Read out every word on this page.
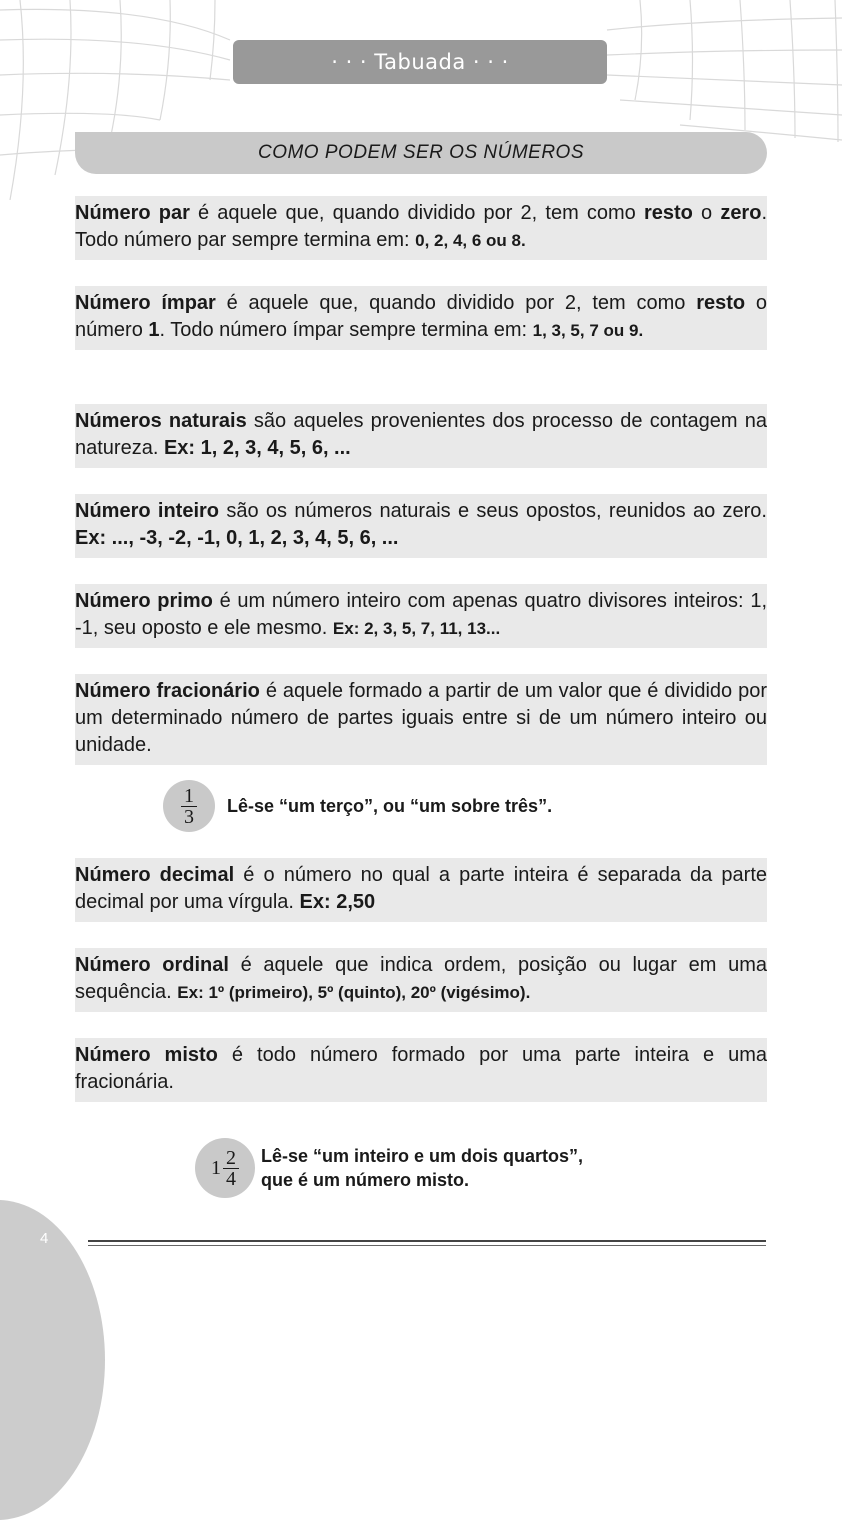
· · · Tabuada · · ·
COMO PODEM SER OS NÚMEROS
Número par é aquele que, quando dividido por 2, tem como resto o zero. Todo número par sempre termina em: 0, 2, 4, 6 ou 8.
Número ímpar é aquele que, quando dividido por 2, tem como resto o número 1. Todo número ímpar sempre termina em: 1, 3, 5, 7 ou 9.
Números naturais são aqueles provenientes dos processo de contagem na natureza. Ex: 1, 2, 3, 4, 5, 6, ...
Número inteiro são os números naturais e seus opostos, reunidos ao zero. Ex: ..., -3, -2, -1, 0, 1, 2, 3, 4, 5, 6, ...
Número primo é um número inteiro com apenas quatro divisores inteiros: 1, -1, seu oposto e ele mesmo. Ex: 2, 3, 5, 7, 11, 13...
Número fracionário é aquele formado a partir de um valor que é dividido por um determinado número de partes iguais entre si de um número inteiro ou unidade.
$\frac{1}{3}$ Lê-se “um terço”, ou “um sobre três”.
Número decimal é o número no qual a parte inteira é separada da parte decimal por uma vírgula. Ex: 2,50
Número ordinal é aquele que indica ordem, posição ou lugar em uma sequência. Ex: 1º (primeiro), 5º (quinto), 20º (vigésimo).
Número misto é todo número formado por uma parte inteira e uma fracionária.
$1 \frac{2}{4}$ Lê-se “um inteiro e um dois quartos”,
que é um número misto.
4
